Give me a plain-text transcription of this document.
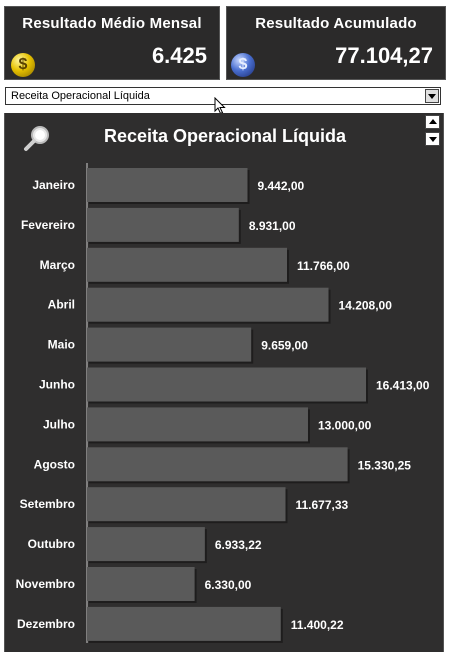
Resultado Médio Mensal
$	6.425
Resultado Acumulado
$	77.104,27
Receita Operacional Líquida
Receita Operacional Líquida
Janeiro	9.442,00
Fevereiro	8.931,00
Março	11.766,00
Abril	14.208,00
Maio	9.659,00
Junho	16.413,00
Julho	13.000,00
Agosto	15.330,25
Setembro	11.677,33
Outubro	6.933,22
Novembro	6.330,00
Dezembro	11.400,22
